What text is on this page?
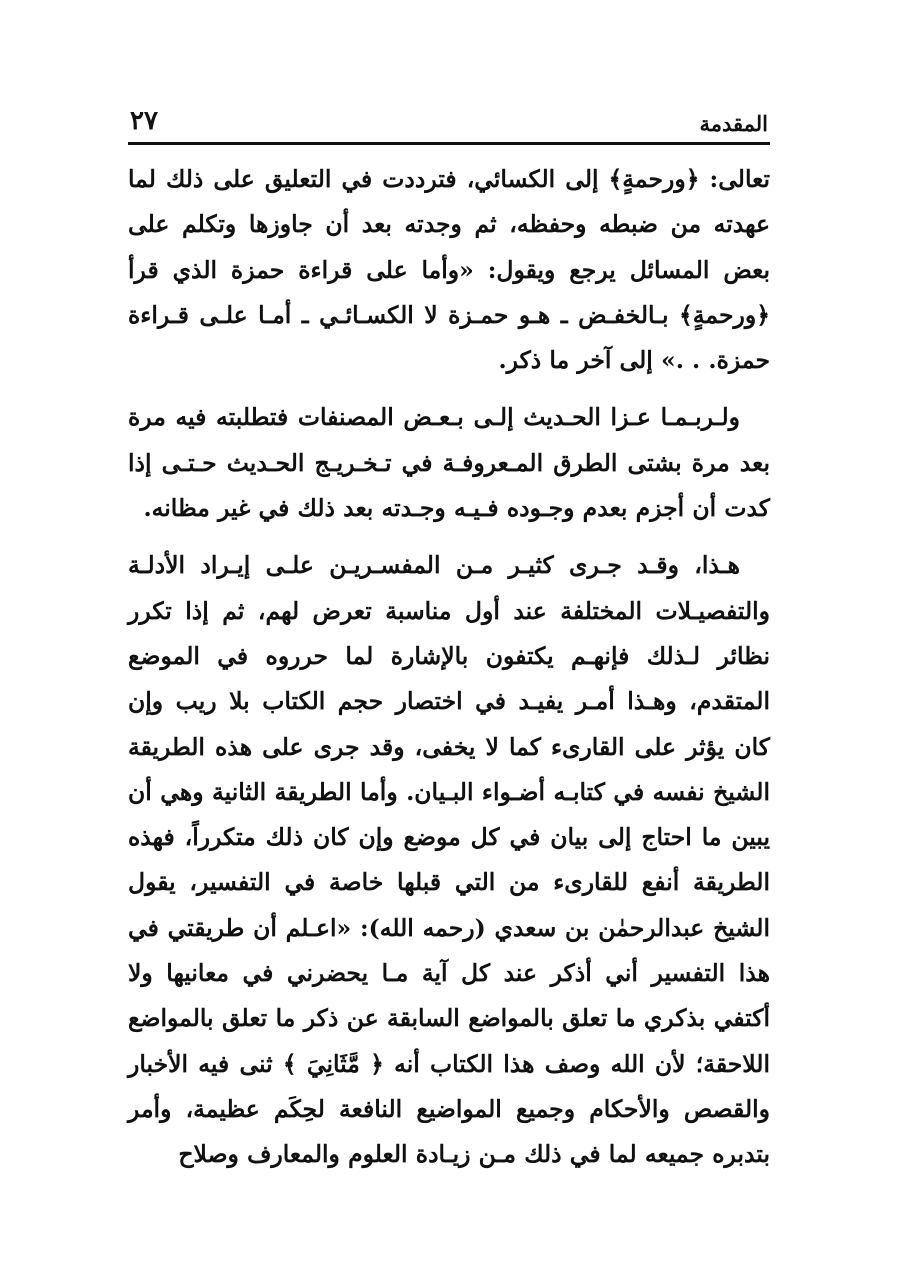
المقدمة
٢٧

تعالى: ﴿ورحمةٍ﴾ إلى الكسائي، فترددت في التعليق على ذلك لما عهدته من ضبطه وحفظه، ثم وجدته بعد أن جاوزها وتكلم على بعض المسائل يرجع ويقول: «وأما على قراءة حمزة الذي قرأ ﴿ورحمةٍ﴾ بـالخفـض ـ هـو حمـزة لا الكسـائـي ـ أمـا علـى قـراءة حمزة. . .» إلى آخر ما ذكر.

ولـربـمـا عـزا الحـديث إلـى بـعـض المصنفات فتطلبته فيه مرة بعد مرة بشتى الطرق المـعروفـة في تـخـريـج الحـديث حـتـى إذا كدت أن أجزم بعدم وجـوده فـيـه وجـدته بعد ذلك في غير مظانه.

هـذا، وقـد جـرى كثيـر مـن المفسـريـن علـى إيـراد الأدلـة والتفصيـلات المختلفة عند أول مناسبة تعرض لهم، ثم إذا تكرر نظائر لـذلك فإنهـم يكتفون بالإشارة لما حرروه في الموضع المتقدم، وهـذا أمـر يفيـد في اختصار حجم الكتاب بلا ريب وإن كان يؤثر على القارىء كما لا يخفى، وقد جرى على هذه الطريقة الشيخ نفسه في كتابـه أضـواء البـيان. وأما الطريقة الثانية وهي أن يبين ما احتاج إلى بيان في كل موضع وإن كان ذلك متكرراً، فهذه الطريقة أنفع للقارىء من التي قبلها خاصة في التفسير، يقول الشيخ عبدالرحمٰن بن سعدي (رحمه الله): «اعـلم أن طريقتي في هذا التفسير أني أذكر عند كل آية مـا يحضرني في معانيها ولا أكتفي بذكري ما تعلق بالمواضع السابقة عن ذكر ما تعلق بالمواضع اللاحقة؛ لأن الله وصف هذا الكتاب أنه ﴿ مَّثَانِيَ ﴾ ثنى فيه الأخبار والقصص والأحكام وجميع المواضيع النافعة لحِكَم عظيمة، وأمر بتدبره جميعه لما في ذلك مـن زيـادة العلوم والمعارف وصلاح
